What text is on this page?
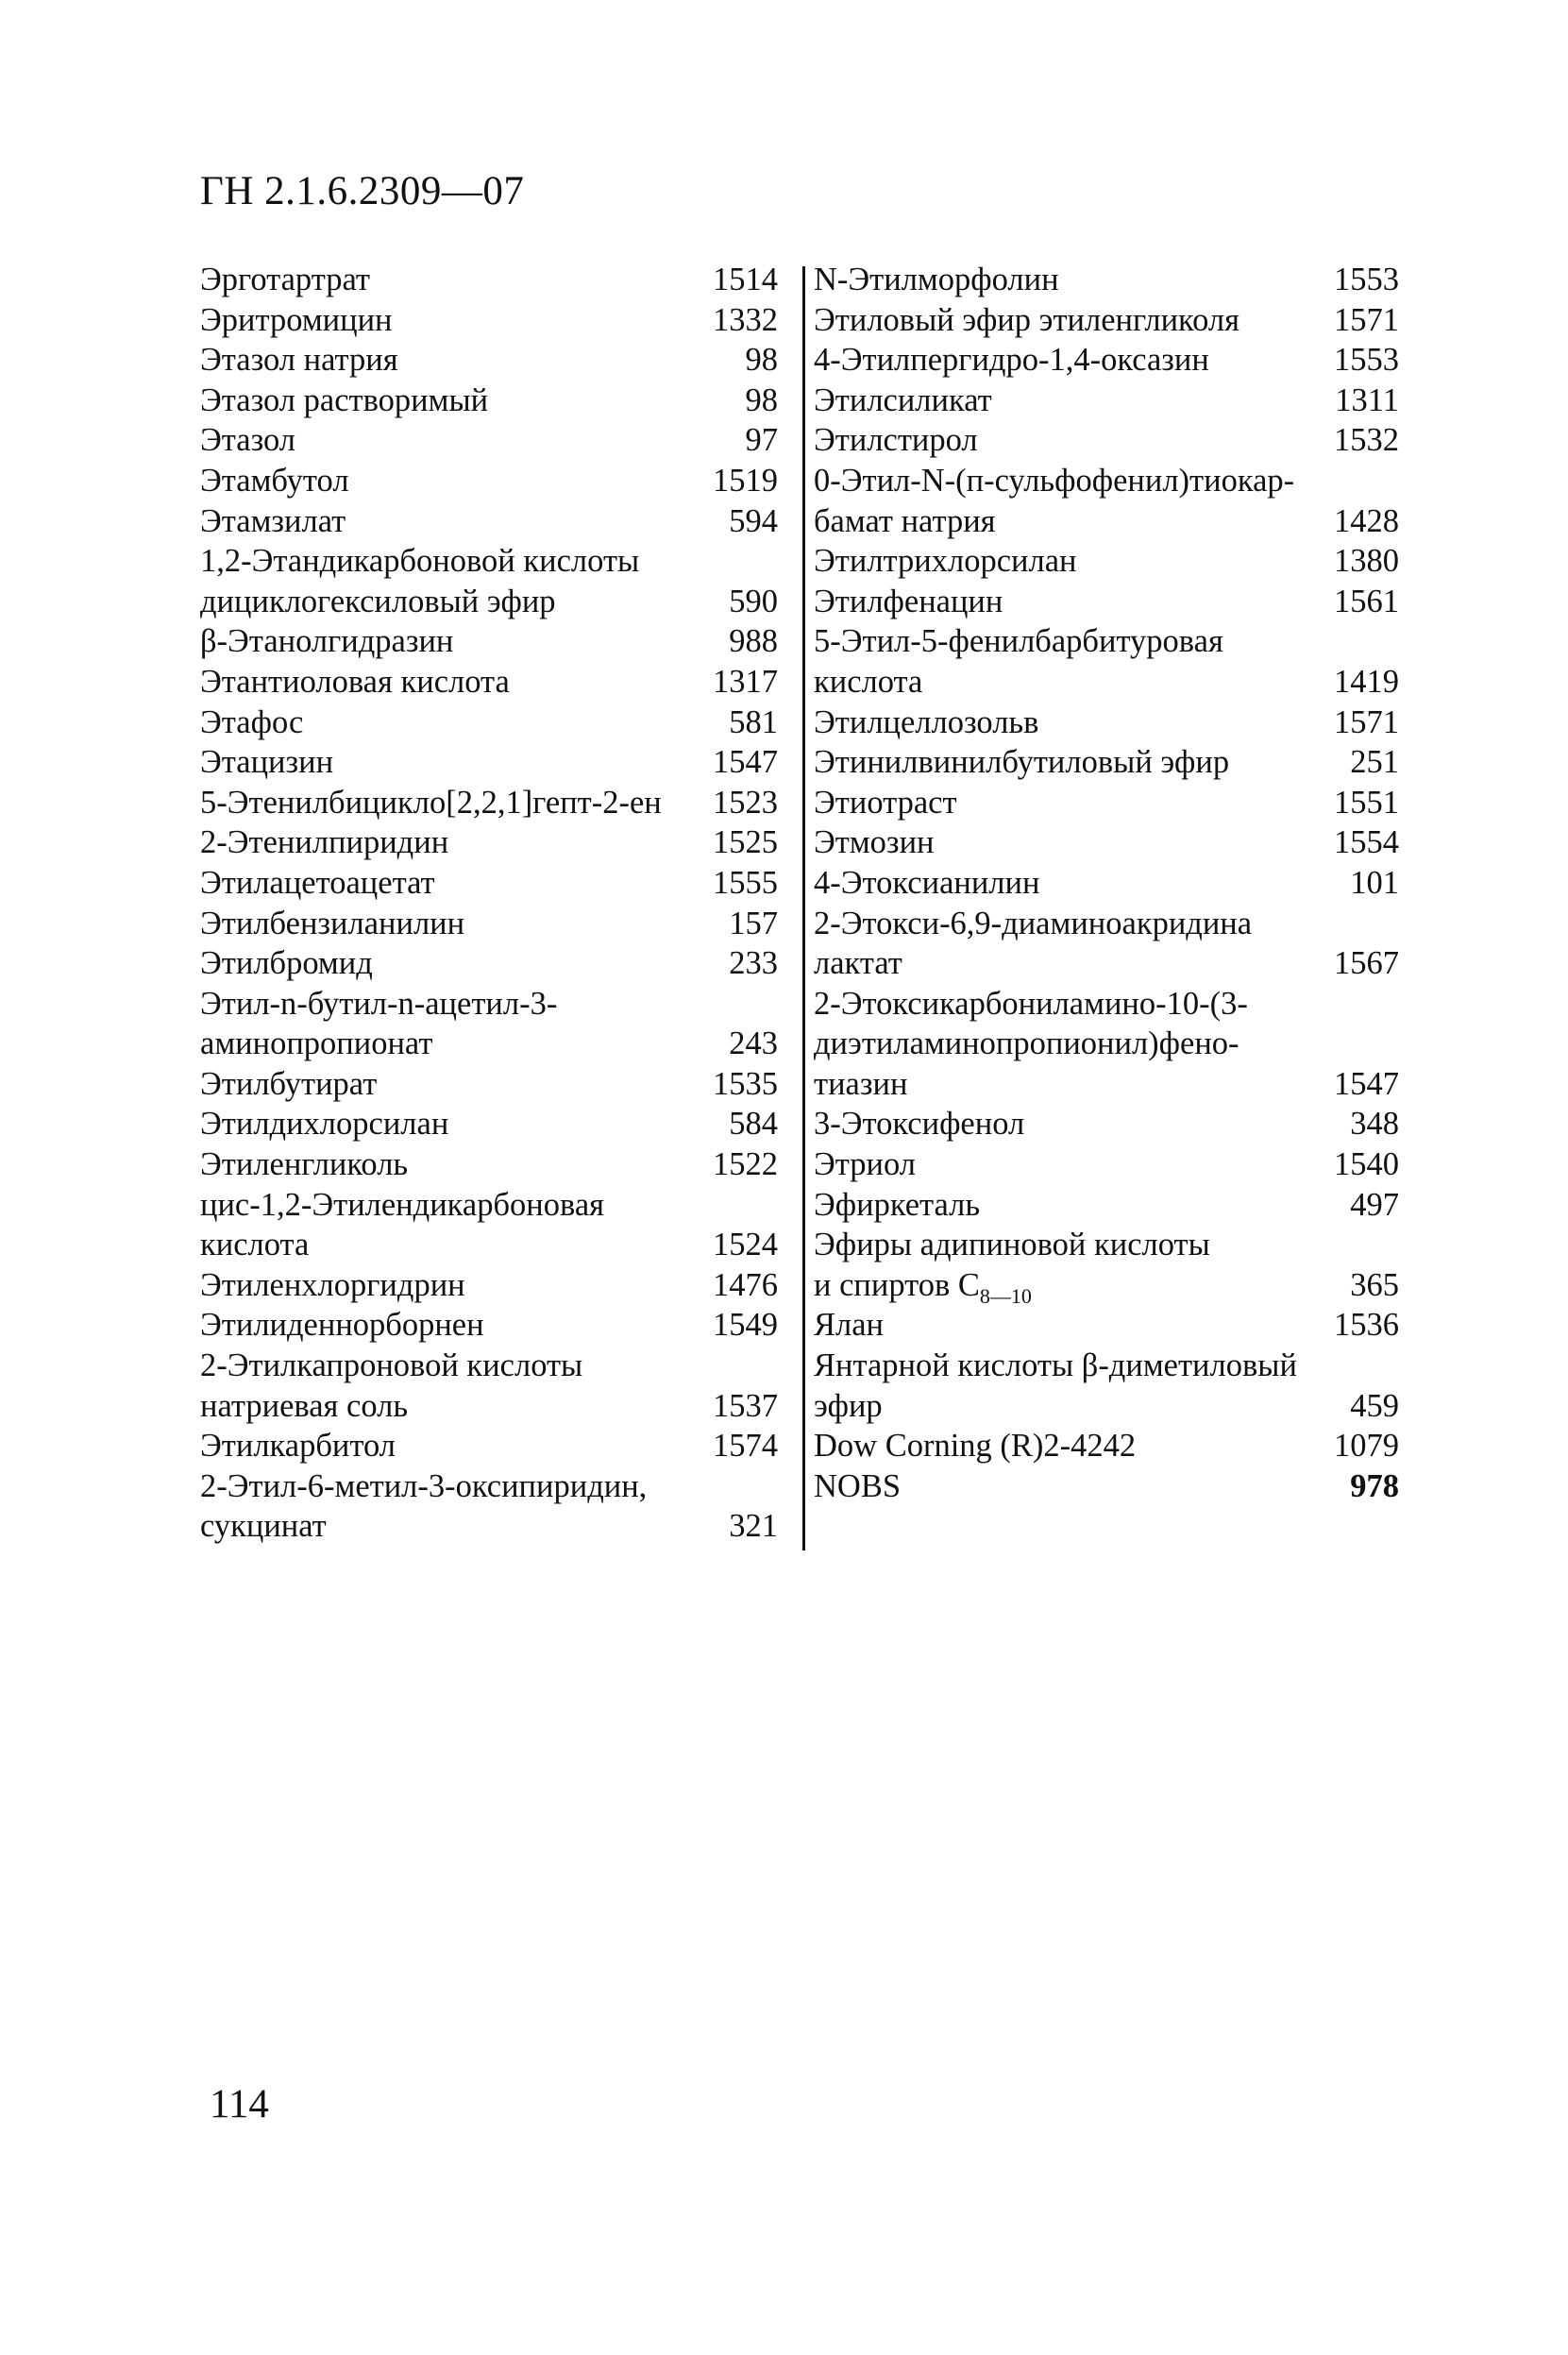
ГН 2.1.6.2309—07
Эрготартрат	1514
Эритромицин	1332
Этазол натрия	98
Этазол растворимый	98
Этазол	97
Этамбутол	1519
Этамзилат	594
1,2-Этандикарбоновой кислоты
дициклогексиловый эфир	590
β-Этанолгидразин	988
Этантиоловая кислота	1317
Этафос	581
Этацизин	1547
5-Этенилбицикло[2,2,1]гепт-2-ен	1523
2-Этенилпиридин	1525
Этилацетоацетат	1555
Этилбензиланилин	157
Этилбромид	233
Этил-n-бутил-n-ацетил-3-
аминопропионат	243
Этилбутират	1535
Этилдихлорсилан	584
Этиленгликоль	1522
цис-1,2-Этилендикарбоновая
кислота	1524
Этиленхлоргидрин	1476
Этилиденнорборнен	1549
2-Этилкапроновой кислоты
натриевая соль	1537
Этилкарбитол	1574
2-Этил-6-метил-3-оксипиридин,
сукцинат	321
N-Этилморфолин	1553
Этиловый эфир этиленгликоля	1571
4-Этилпергидро-1,4-оксазин	1553
Этилсиликат	1311
Этилстирол	1532
0-Этил-N-(п-сульфофенил)тиокар-
бамат натрия	1428
Этилтрихлорсилан	1380
Этилфенацин	1561
5-Этил-5-фенилбарбитуровая
кислота	1419
Этилцеллозольв	1571
Этинилвинилбутиловый эфир	251
Этиотраст	1551
Этмозин	1554
4-Этоксианилин	101
2-Этокси-6,9-диаминоакридина
лактат	1567
2-Этоксикарбониламино-10-(3-
диэтиламинопропионил)фено-
тиазин	1547
3-Этоксифенол	348
Этриол	1540
Эфиркеталь	497
Эфиры адипиновой кислоты
и спиртов $C_{8—10}$	365
Ялан	1536
Янтарной кислоты β-диметиловый
эфир	459
Dow Corning (R)2-4242	1079
NOBS	978
114
